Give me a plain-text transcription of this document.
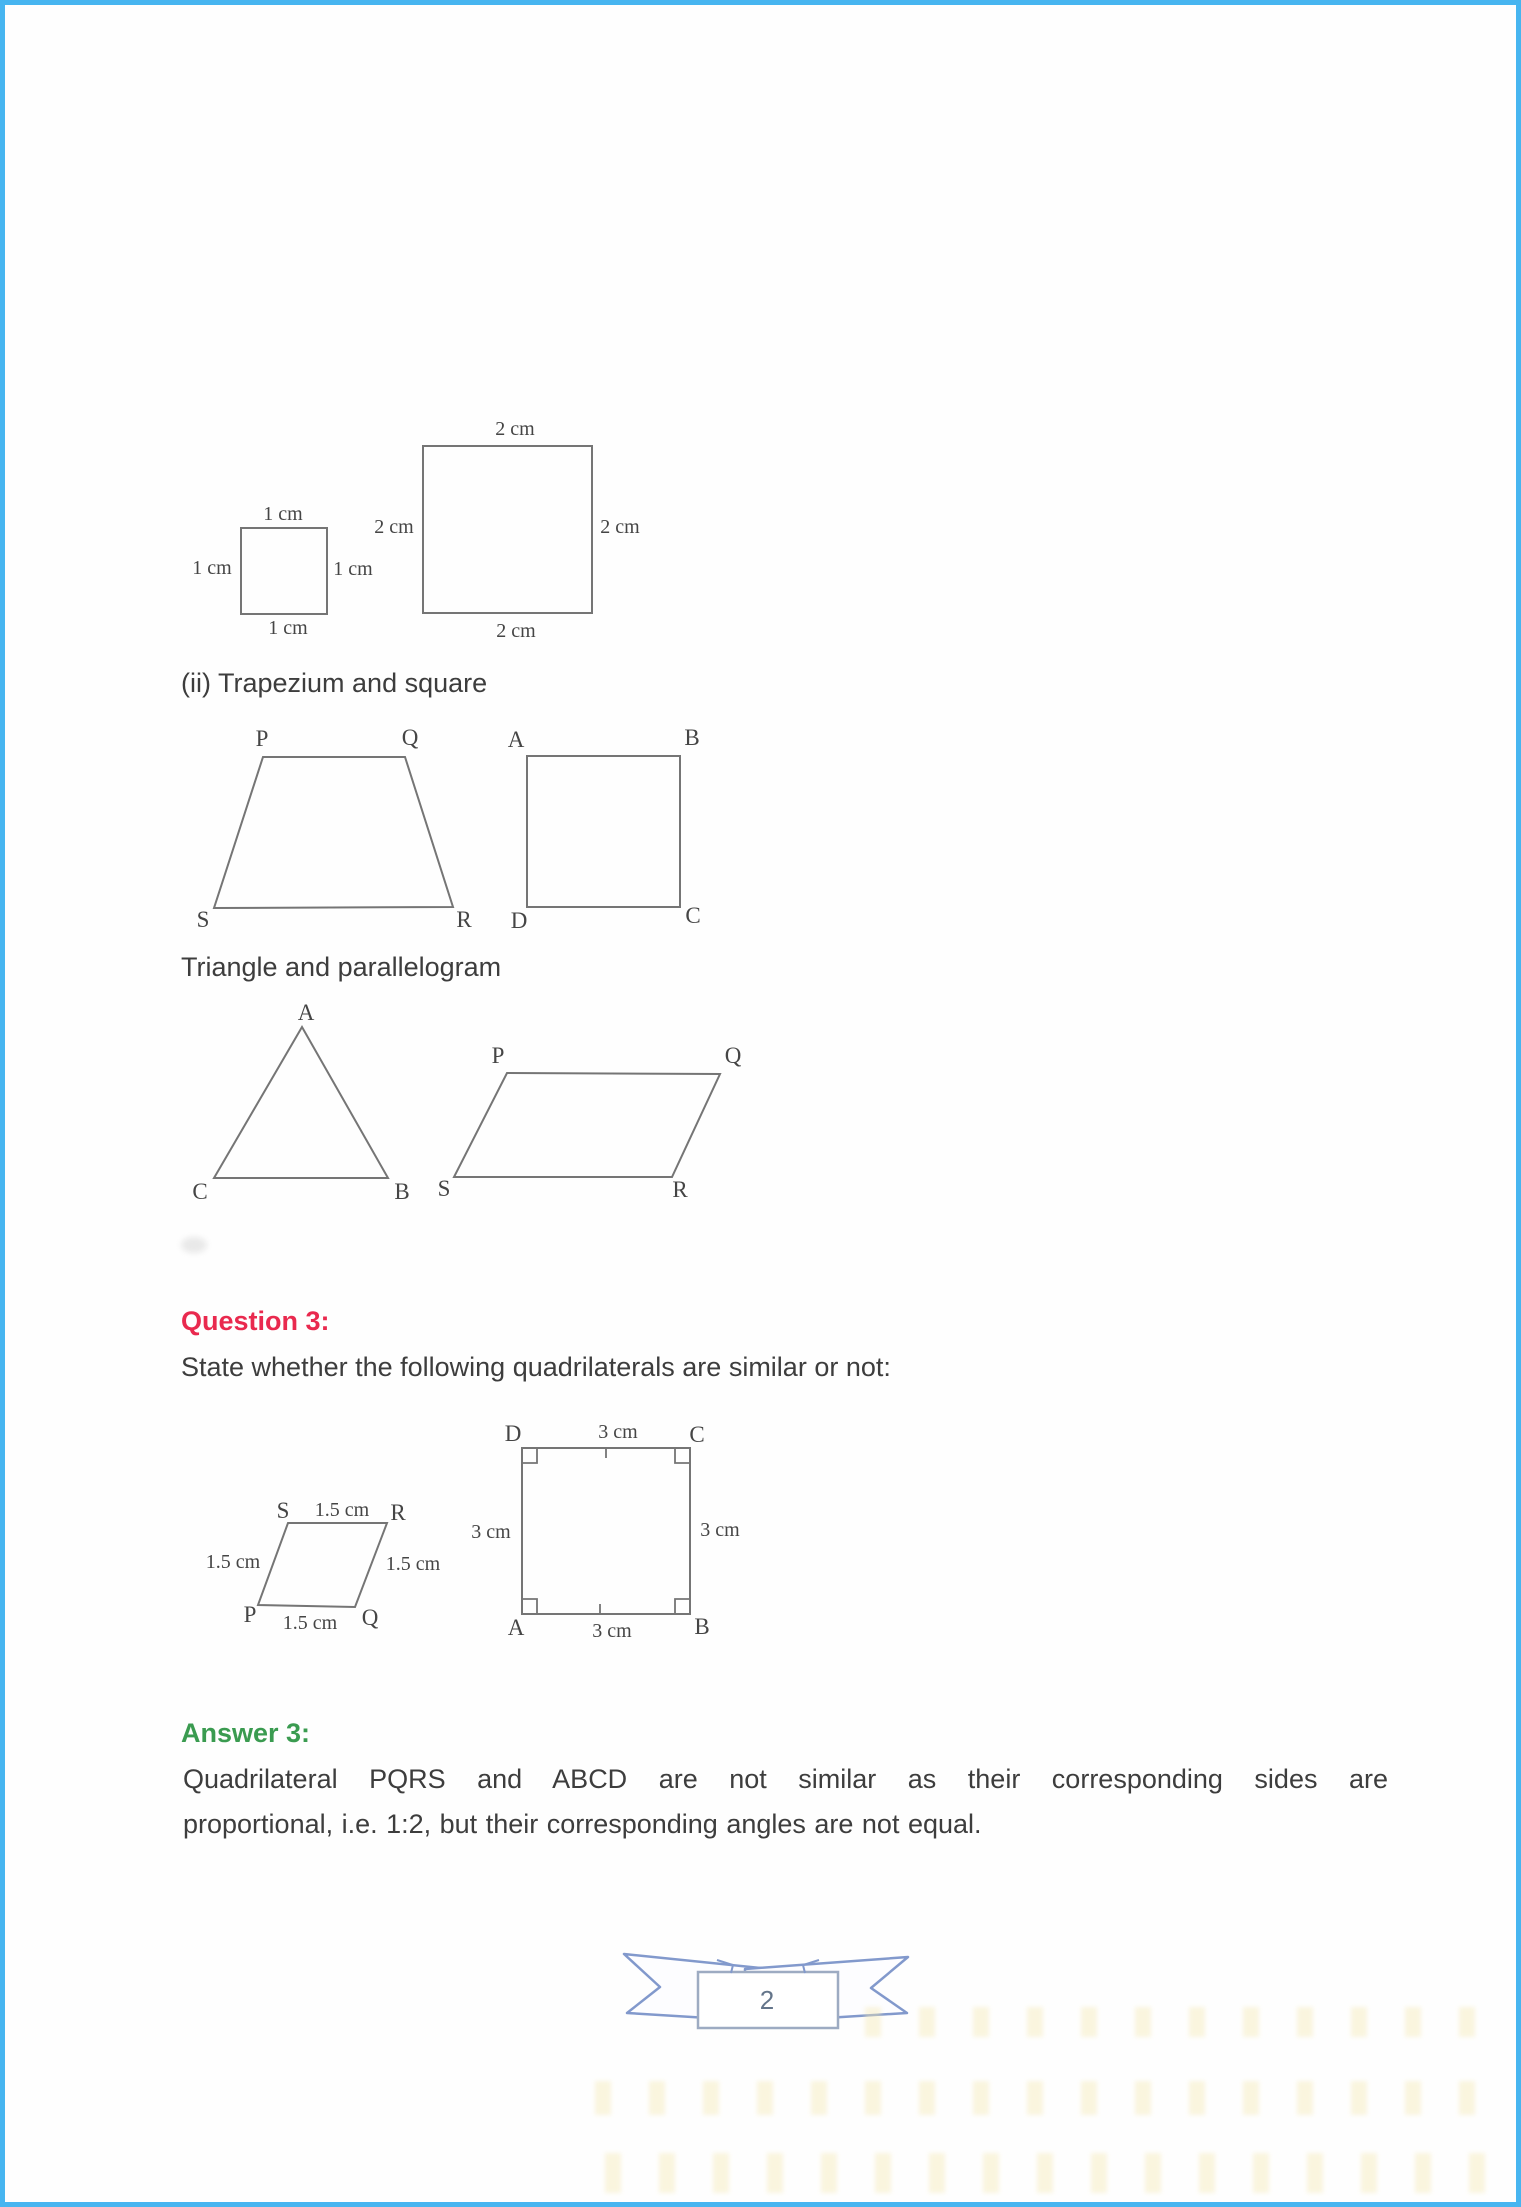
1 cm
1 cm	1 cm
1 cm
2 cm
2 cm	2 cm
2 cm
(ii) Trapezium and square
P	Q
S	R
A	B
D	C
Triangle and parallelogram
A
C	B
P	Q
S	R
Question 3:
State whether the following quadrilaterals are similar or not:
S	R
P	Q
1.5 cm
1.5 cm	1.5 cm
1.5 cm
D	C
A	B
3 cm
3 cm	3 cm
3 cm
Answer 3:
Quadrilateral PQRS and ABCD are not similar as their corresponding sides are
proportional, i.e. 1:2, but their corresponding angles are not equal.
2
